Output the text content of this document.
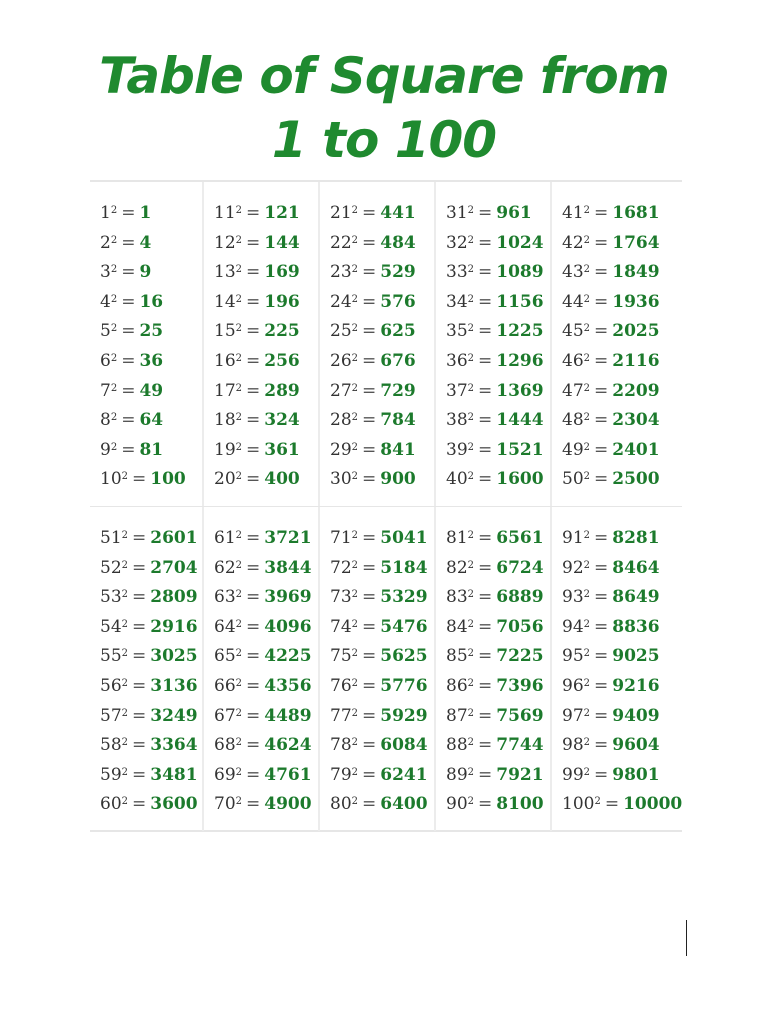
Table of Square from
1 to 100
$1^2 = 1$
$2^2 = 4$
$3^2 = 9$
$4^2 = 16$
$5^2 = 25$
$6^2 = 36$
$7^2 = 49$
$8^2 = 64$
$9^2 = 81$
$10^2 = 100$
$11^2 = 121$
$12^2 = 144$
$13^2 = 169$
$14^2 = 196$
$15^2 = 225$
$16^2 = 256$
$17^2 = 289$
$18^2 = 324$
$19^2 = 361$
$20^2 = 400$
$21^2 = 441$
$22^2 = 484$
$23^2 = 529$
$24^2 = 576$
$25^2 = 625$
$26^2 = 676$
$27^2 = 729$
$28^2 = 784$
$29^2 = 841$
$30^2 = 900$
$31^2 = 961$
$32^2 = 1024$
$33^2 = 1089$
$34^2 = 1156$
$35^2 = 1225$
$36^2 = 1296$
$37^2 = 1369$
$38^2 = 1444$
$39^2 = 1521$
$40^2 = 1600$
$41^2 = 1681$
$42^2 = 1764$
$43^2 = 1849$
$44^2 = 1936$
$45^2 = 2025$
$46^2 = 2116$
$47^2 = 2209$
$48^2 = 2304$
$49^2 = 2401$
$50^2 = 2500$
$51^2 = 2601$
$52^2 = 2704$
$53^2 = 2809$
$54^2 = 2916$
$55^2 = 3025$
$56^2 = 3136$
$57^2 = 3249$
$58^2 = 3364$
$59^2 = 3481$
$60^2 = 3600$
$61^2 = 3721$
$62^2 = 3844$
$63^2 = 3969$
$64^2 = 4096$
$65^2 = 4225$
$66^2 = 4356$
$67^2 = 4489$
$68^2 = 4624$
$69^2 = 4761$
$70^2 = 4900$
$71^2 = 5041$
$72^2 = 5184$
$73^2 = 5329$
$74^2 = 5476$
$75^2 = 5625$
$76^2 = 5776$
$77^2 = 5929$
$78^2 = 6084$
$79^2 = 6241$
$80^2 = 6400$
$81^2 = 6561$
$82^2 = 6724$
$83^2 = 6889$
$84^2 = 7056$
$85^2 = 7225$
$86^2 = 7396$
$87^2 = 7569$
$88^2 = 7744$
$89^2 = 7921$
$90^2 = 8100$
$91^2 = 8281$
$92^2 = 8464$
$93^2 = 8649$
$94^2 = 8836$
$95^2 = 9025$
$96^2 = 9216$
$97^2 = 9409$
$98^2 = 9604$
$99^2 = 9801$
$100^2 = 10000$
